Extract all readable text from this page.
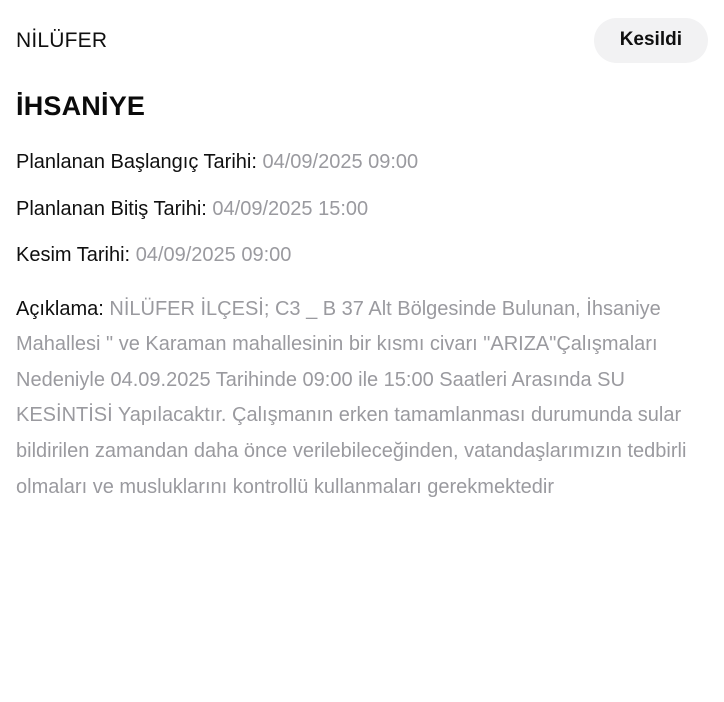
NİLÜFER	Kesildi
İHSANİYE
Planlanan Başlangıç Tarihi: 04/09/2025 09:00
Planlanan Bitiş Tarihi: 04/09/2025 15:00
Kesim Tarihi: 04/09/2025 09:00
Açıklama: NİLÜFER İLÇESİ; C3 _ B 37 Alt Bölgesinde Bulunan, İhsaniye Mahallesi " ve Karaman mahallesinin bir kısmı civarı "ARIZA"Çalışmaları Nedeniyle 04.09.2025 Tarihinde 09:00 ile 15:00 Saatleri Arasında SU KESİNTİSİ Yapılacaktır. Çalışmanın erken tamamlanması durumunda sular bildirilen zamandan daha önce verilebileceğinden, vatandaşlarımızın tedbirli olmaları ve musluklarını kontrollü kullanmaları gerekmektedir
